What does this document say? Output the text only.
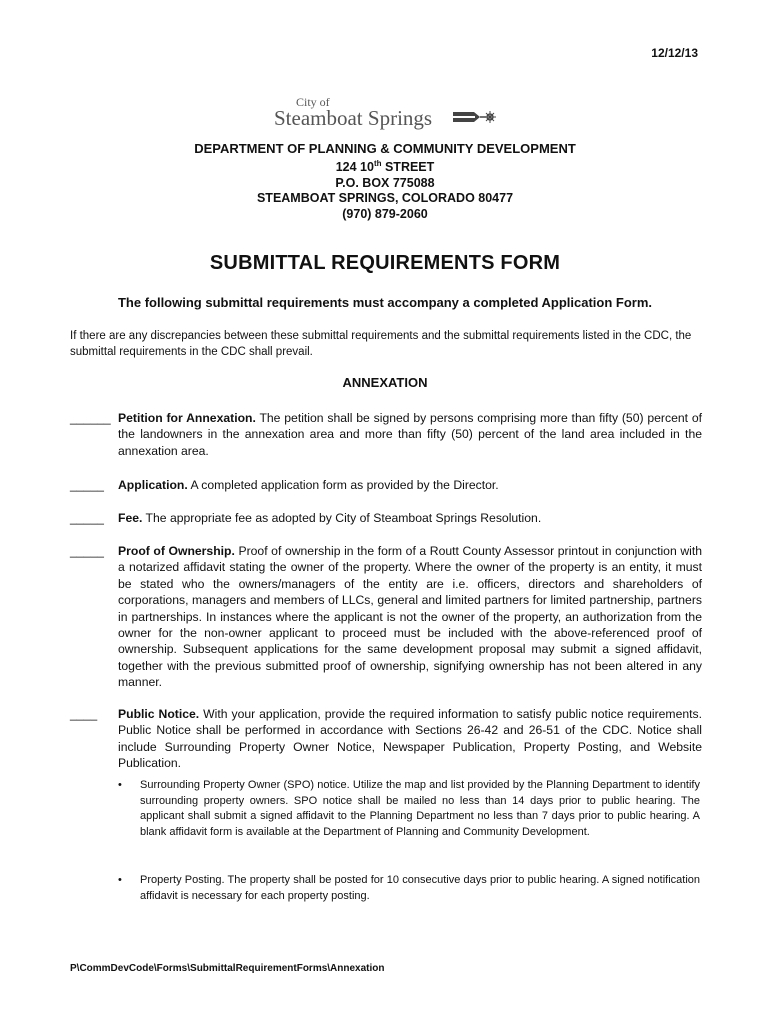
12/12/13
City of
Steamboat Springs
DEPARTMENT OF PLANNING & COMMUNITY DEVELOPMENT
124 10th STREET
P.O. BOX 775088
STEAMBOAT SPRINGS, COLORADO 80477
(970) 879-2060
SUBMITTAL REQUIREMENTS FORM
The following submittal requirements must accompany a completed Application Form.
If there are any discrepancies between these submittal requirements and the submittal requirements listed in the CDC, the submittal requirements in the CDC shall prevail.
ANNEXATION
______ Petition for Annexation. The petition shall be signed by persons comprising more than fifty (50) percent of the landowners in the annexation area and more than fifty (50) percent of the land area included in the annexation area.
_____ Application. A completed application form as provided by the Director.
_____ Fee. The appropriate fee as adopted by City of Steamboat Springs Resolution.
_____ Proof of Ownership. Proof of ownership in the form of a Routt County Assessor printout in conjunction with a notarized affidavit stating the owner of the property. Where the owner of the property is an entity, it must be stated who the owners/managers of the entity are i.e. officers, directors and shareholders of corporations, managers and members of LLCs, general and limited partners for limited partnership, partners in partnerships. In instances where the applicant is not the owner of the property, an authorization from the owner for the non-owner applicant to proceed must be included with the above-referenced proof of ownership. Subsequent applications for the same development proposal may submit a signed affidavit, together with the previous submitted proof of ownership, signifying ownership has not been altered in any manner.
____ Public Notice. With your application, provide the required information to satisfy public notice requirements. Public Notice shall be performed in accordance with Sections 26-42 and 26-51 of the CDC. Notice shall include Surrounding Property Owner Notice, Newspaper Publication, Property Posting, and Website Publication.
• Surrounding Property Owner (SPO) notice. Utilize the map and list provided by the Planning Department to identify surrounding property owners. SPO notice shall be mailed no less than 14 days prior to public hearing. The applicant shall submit a signed affidavit to the Planning Department no less than 7 days prior to public hearing. A blank affidavit form is available at the Department of Planning and Community Development.
• Property Posting. The property shall be posted for 10 consecutive days prior to public hearing. A signed notification affidavit is necessary for each property posting.
P\CommDevCode\Forms\SubmittalRequirementForms\Annexation
